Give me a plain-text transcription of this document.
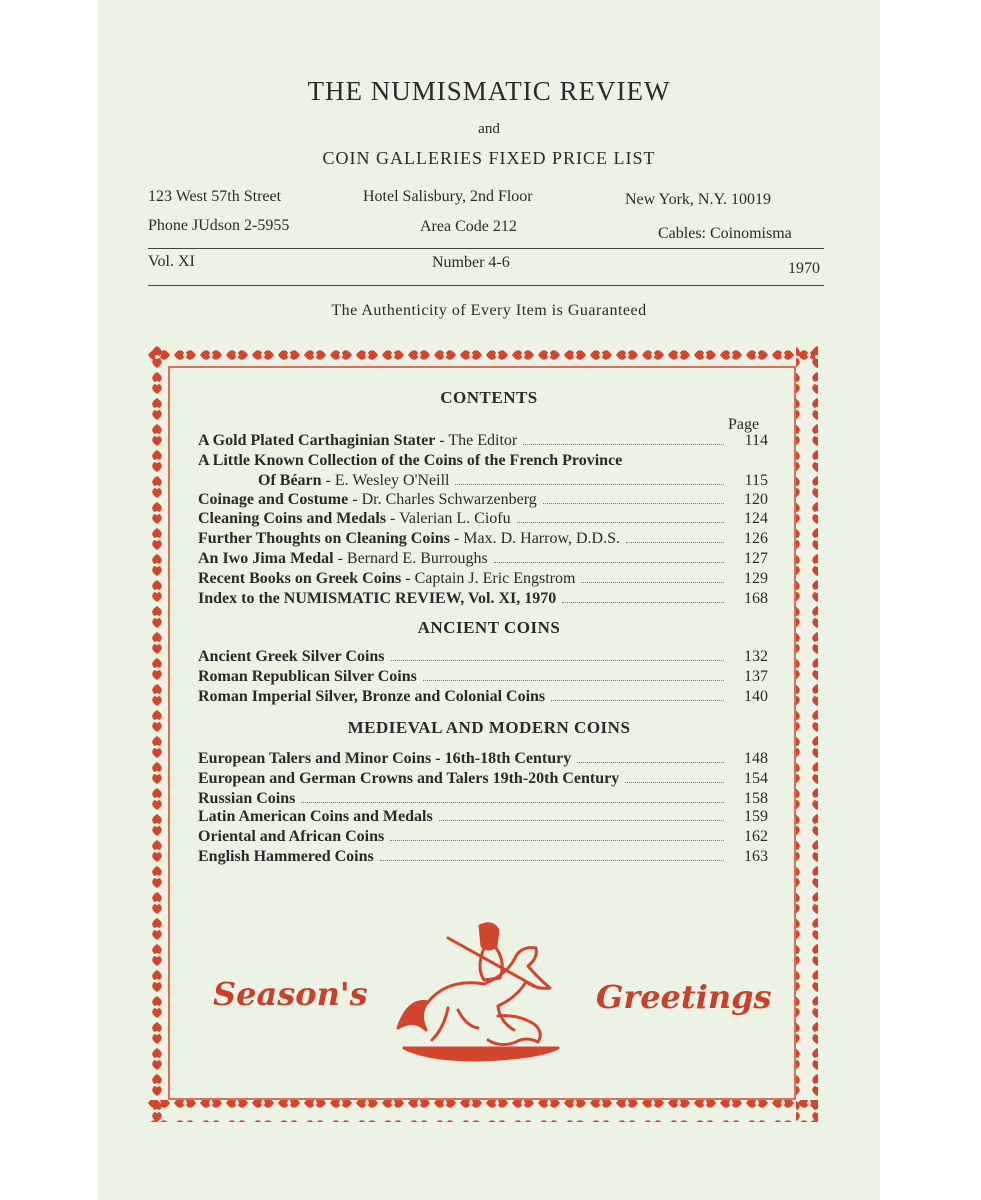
THE NUMISMATIC REVIEW
and
COIN GALLERIES FIXED PRICE LIST
123 West 57th Street	Hotel Salisbury, 2nd Floor	New York, N.Y. 10019
Phone JUdson 2-5955	Area Code 212	Cables: Coinomisma
Vol. XI	Number 4-6	1970
The Authenticity of Every Item is Guaranteed
CONTENTS
Page
A Gold Plated Carthaginian Stater - The Editor	114
A Little Known Collection of the Coins of the French Province
Of Béarn - E. Wesley O'Neill	115
Coinage and Costume - Dr. Charles Schwarzenberg	120
Cleaning Coins and Medals - Valerian L. Ciofu	124
Further Thoughts on Cleaning Coins - Max. D. Harrow, D.D.S.	126
An Iwo Jima Medal - Bernard E. Burroughs	127
Recent Books on Greek Coins - Captain J. Eric Engstrom	129
Index to the NUMISMATIC REVIEW, Vol. XI, 1970	168
ANCIENT COINS
Ancient Greek Silver Coins	132
Roman Republican Silver Coins	137
Roman Imperial Silver, Bronze and Colonial Coins	140
MEDIEVAL AND MODERN COINS
European Talers and Minor Coins - 16th-18th Century	148
European and German Crowns and Talers 19th-20th Century	154
Russian Coins	158
Latin American Coins and Medals	159
Oriental and African Coins	162
English Hammered Coins	163
Season's	Greetings
